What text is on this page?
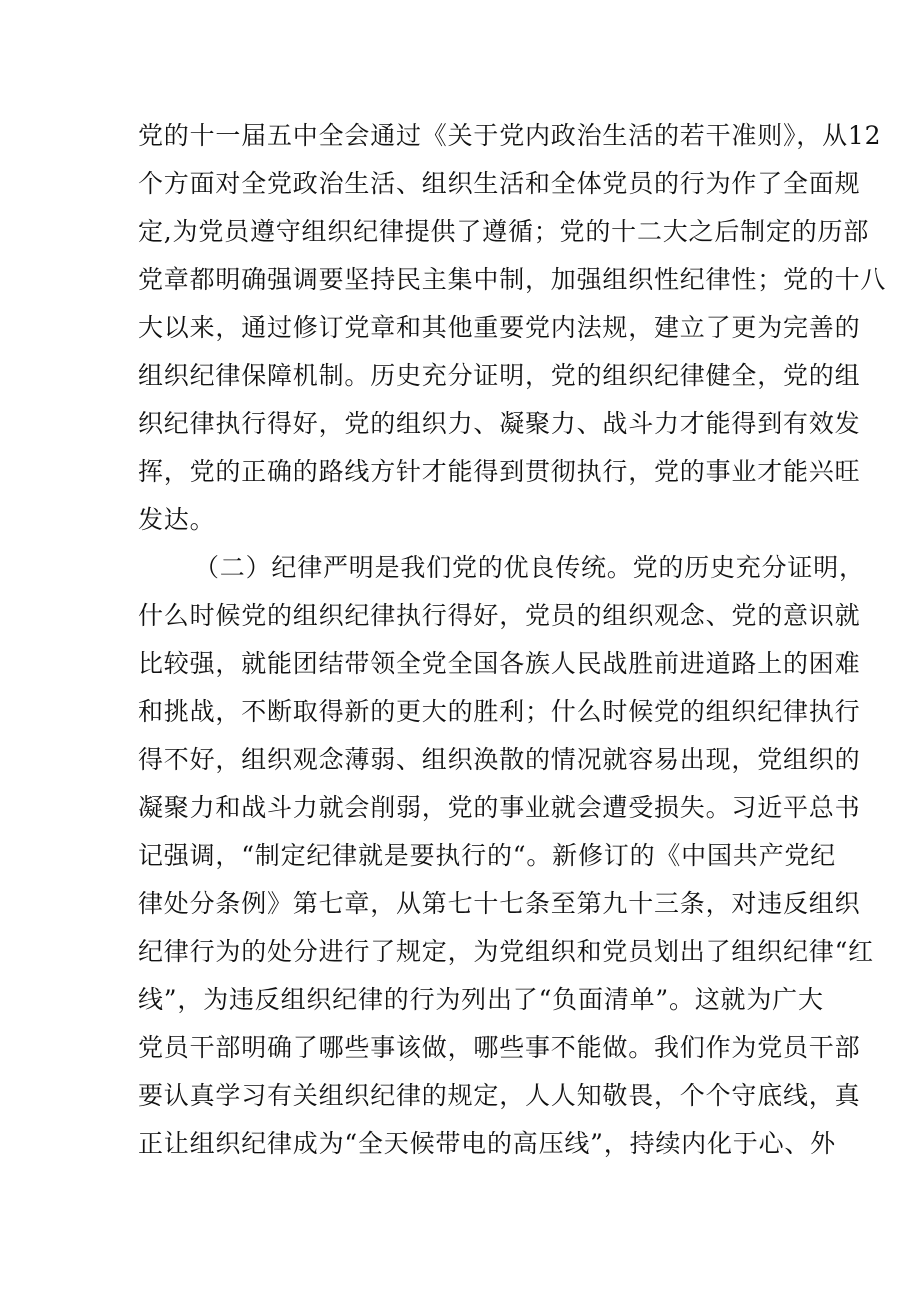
党的十一届五中全会通过《关于党内政治生活的若干准则》，从12
个方面对全党政治生活、组织生活和全体党员的行为作了全面规
定,为党员遵守组织纪律提供了遵循；党的十二大之后制定的历部
党章都明确强调要坚持民主集中制，加强组织性纪律性；党的十八
大以来，通过修订党章和其他重要党内法规，建立了更为完善的
组织纪律保障机制。历史充分证明，党的组织纪律健全，党的组
织纪律执行得好，党的组织力、凝聚力、战斗力才能得到有效发
挥，党的正确的路线方针才能得到贯彻执行，党的事业才能兴旺
发达。
（二）纪律严明是我们党的优良传统。党的历史充分证明，
什么时候党的组织纪律执行得好，党员的组织观念、党的意识就
比较强，就能团结带领全党全国各族人民战胜前进道路上的困难
和挑战，不断取得新的更大的胜利；什么时候党的组织纪律执行
得不好，组织观念薄弱、组织涣散的情况就容易出现，党组织的
凝聚力和战斗力就会削弱，党的事业就会遭受损失。习近平总书
记强调，“制定纪律就是要执行的“。新修订的《中国共产党纪
律处分条例》第七章，从第七十七条至第九十三条，对违反组织
纪律行为的处分进行了规定，为党组织和党员划出了组织纪律“红
线”，为违反组织纪律的行为列出了“负面清单”。这就为广大
党员干部明确了哪些事该做，哪些事不能做。我们作为党员干部
要认真学习有关组织纪律的规定，人人知敬畏，个个守底线，真
正让组织纪律成为“全天候带电的高压线”，持续内化于心、外
